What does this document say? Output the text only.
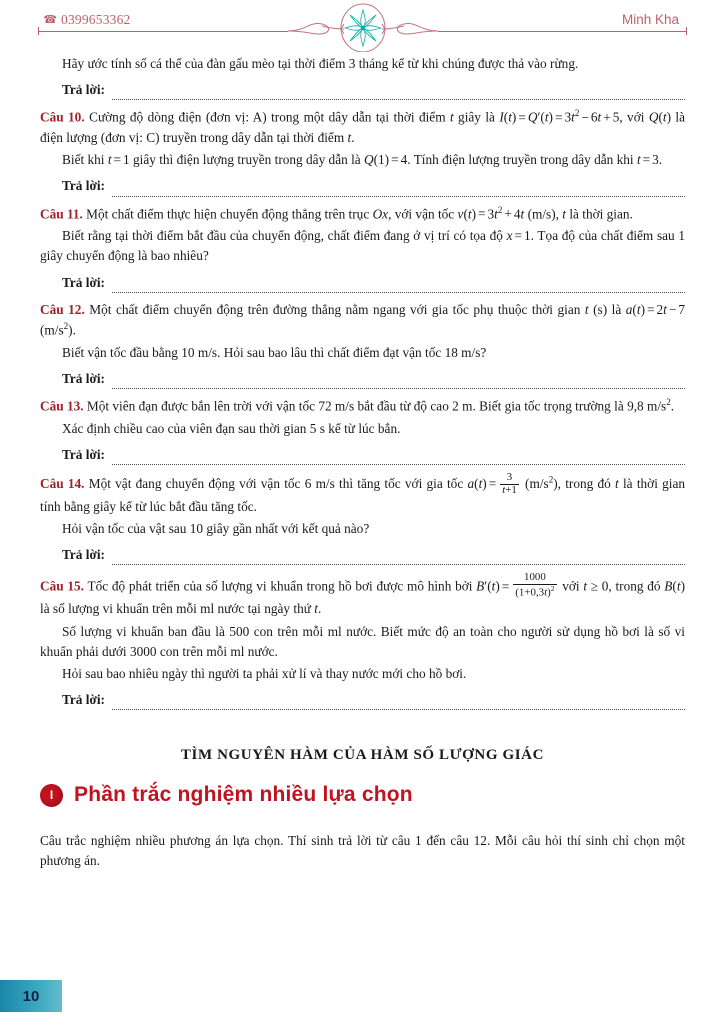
☎ 0399653362	Minh Kha

Hãy ước tính số cá thể của đàn gấu mèo tại thời điểm 3 tháng kể từ khi chúng được thả vào rừng.

Trả lời:

Câu 10. Cường độ dòng điện (đơn vị: A) trong một dây dẫn tại thời điểm t giây là $I(t) = Q'(t) = 3t^2 - 6t + 5$, với Q(t) là điện lượng (đơn vị: C) truyền trong dây dẫn tại thời điểm t.

Biết khi t = 1 giây thì điện lượng truyền trong dây dẫn là Q(1) = 4. Tính điện lượng truyền trong dây dẫn khi t = 3.

Trả lời:

Câu 11. Một chất điểm thực hiện chuyển động thẳng trên trục Ox, với vận tốc $v(t) = 3t^2 + 4t$ (m/s), t là thời gian.

Biết rằng tại thời điểm bắt đầu của chuyển động, chất điểm đang ở vị trí có tọa độ x = 1. Tọa độ của chất điểm sau 1 giây chuyển động là bao nhiêu?

Trả lời:

Câu 12. Một chất điểm chuyển động trên đường thẳng nằm ngang với gia tốc phụ thuộc thời gian t (s) là a(t) = 2t − 7 $(m/s^2)$.

Biết vận tốc đầu bằng 10 m/s. Hỏi sau bao lâu thì chất điểm đạt vận tốc 18 m/s?

Trả lời:

Câu 13. Một viên đạn được bắn lên trời với vận tốc 72 m/s bắt đầu từ độ cao 2 m. Biết gia tốc trọng trường là 9,8 $m/s^2$.

Xác định chiều cao của viên đạn sau thời gian 5 s kể từ lúc bắn.

Trả lời:

Câu 14. Một vật đang chuyển động với vận tốc 6 m/s thì tăng tốc với gia tốc $a(t) = \frac{3}{t+1} (m/s^2)$, trong đó t là thời gian tính bằng giây kể từ lúc bắt đầu tăng tốc.

Hỏi vận tốc của vật sau 10 giây gần nhất với kết quả nào?

Trả lời:

Câu 15. Tốc độ phát triển của số lượng vi khuẩn trong hồ bơi được mô hình bởi $B'(t) = \frac{1000}{(1+0,3t)^2}$ với t ≥ 0, trong đó B(t) là số lượng vi khuẩn trên mỗi ml nước tại ngày thứ t.

Số lượng vi khuẩn ban đầu là 500 con trên mỗi ml nước. Biết mức độ an toàn cho người sử dụng hồ bơi là số vi khuẩn phải dưới 3000 con trên mỗi ml nước.

Hỏi sau bao nhiêu ngày thì người ta phải xử lí và thay nước mới cho hồ bơi.

Trả lời:
TÌM NGUYÊN HÀM CỦA HÀM SỐ LƯỢNG GIÁC
I Phần trắc nghiệm nhiều lựa chọn

Câu trắc nghiệm nhiều phương án lựa chọn. Thí sinh trả lời từ câu 1 đến câu 12. Mỗi câu hỏi thí sinh chỉ chọn một phương án.

10
